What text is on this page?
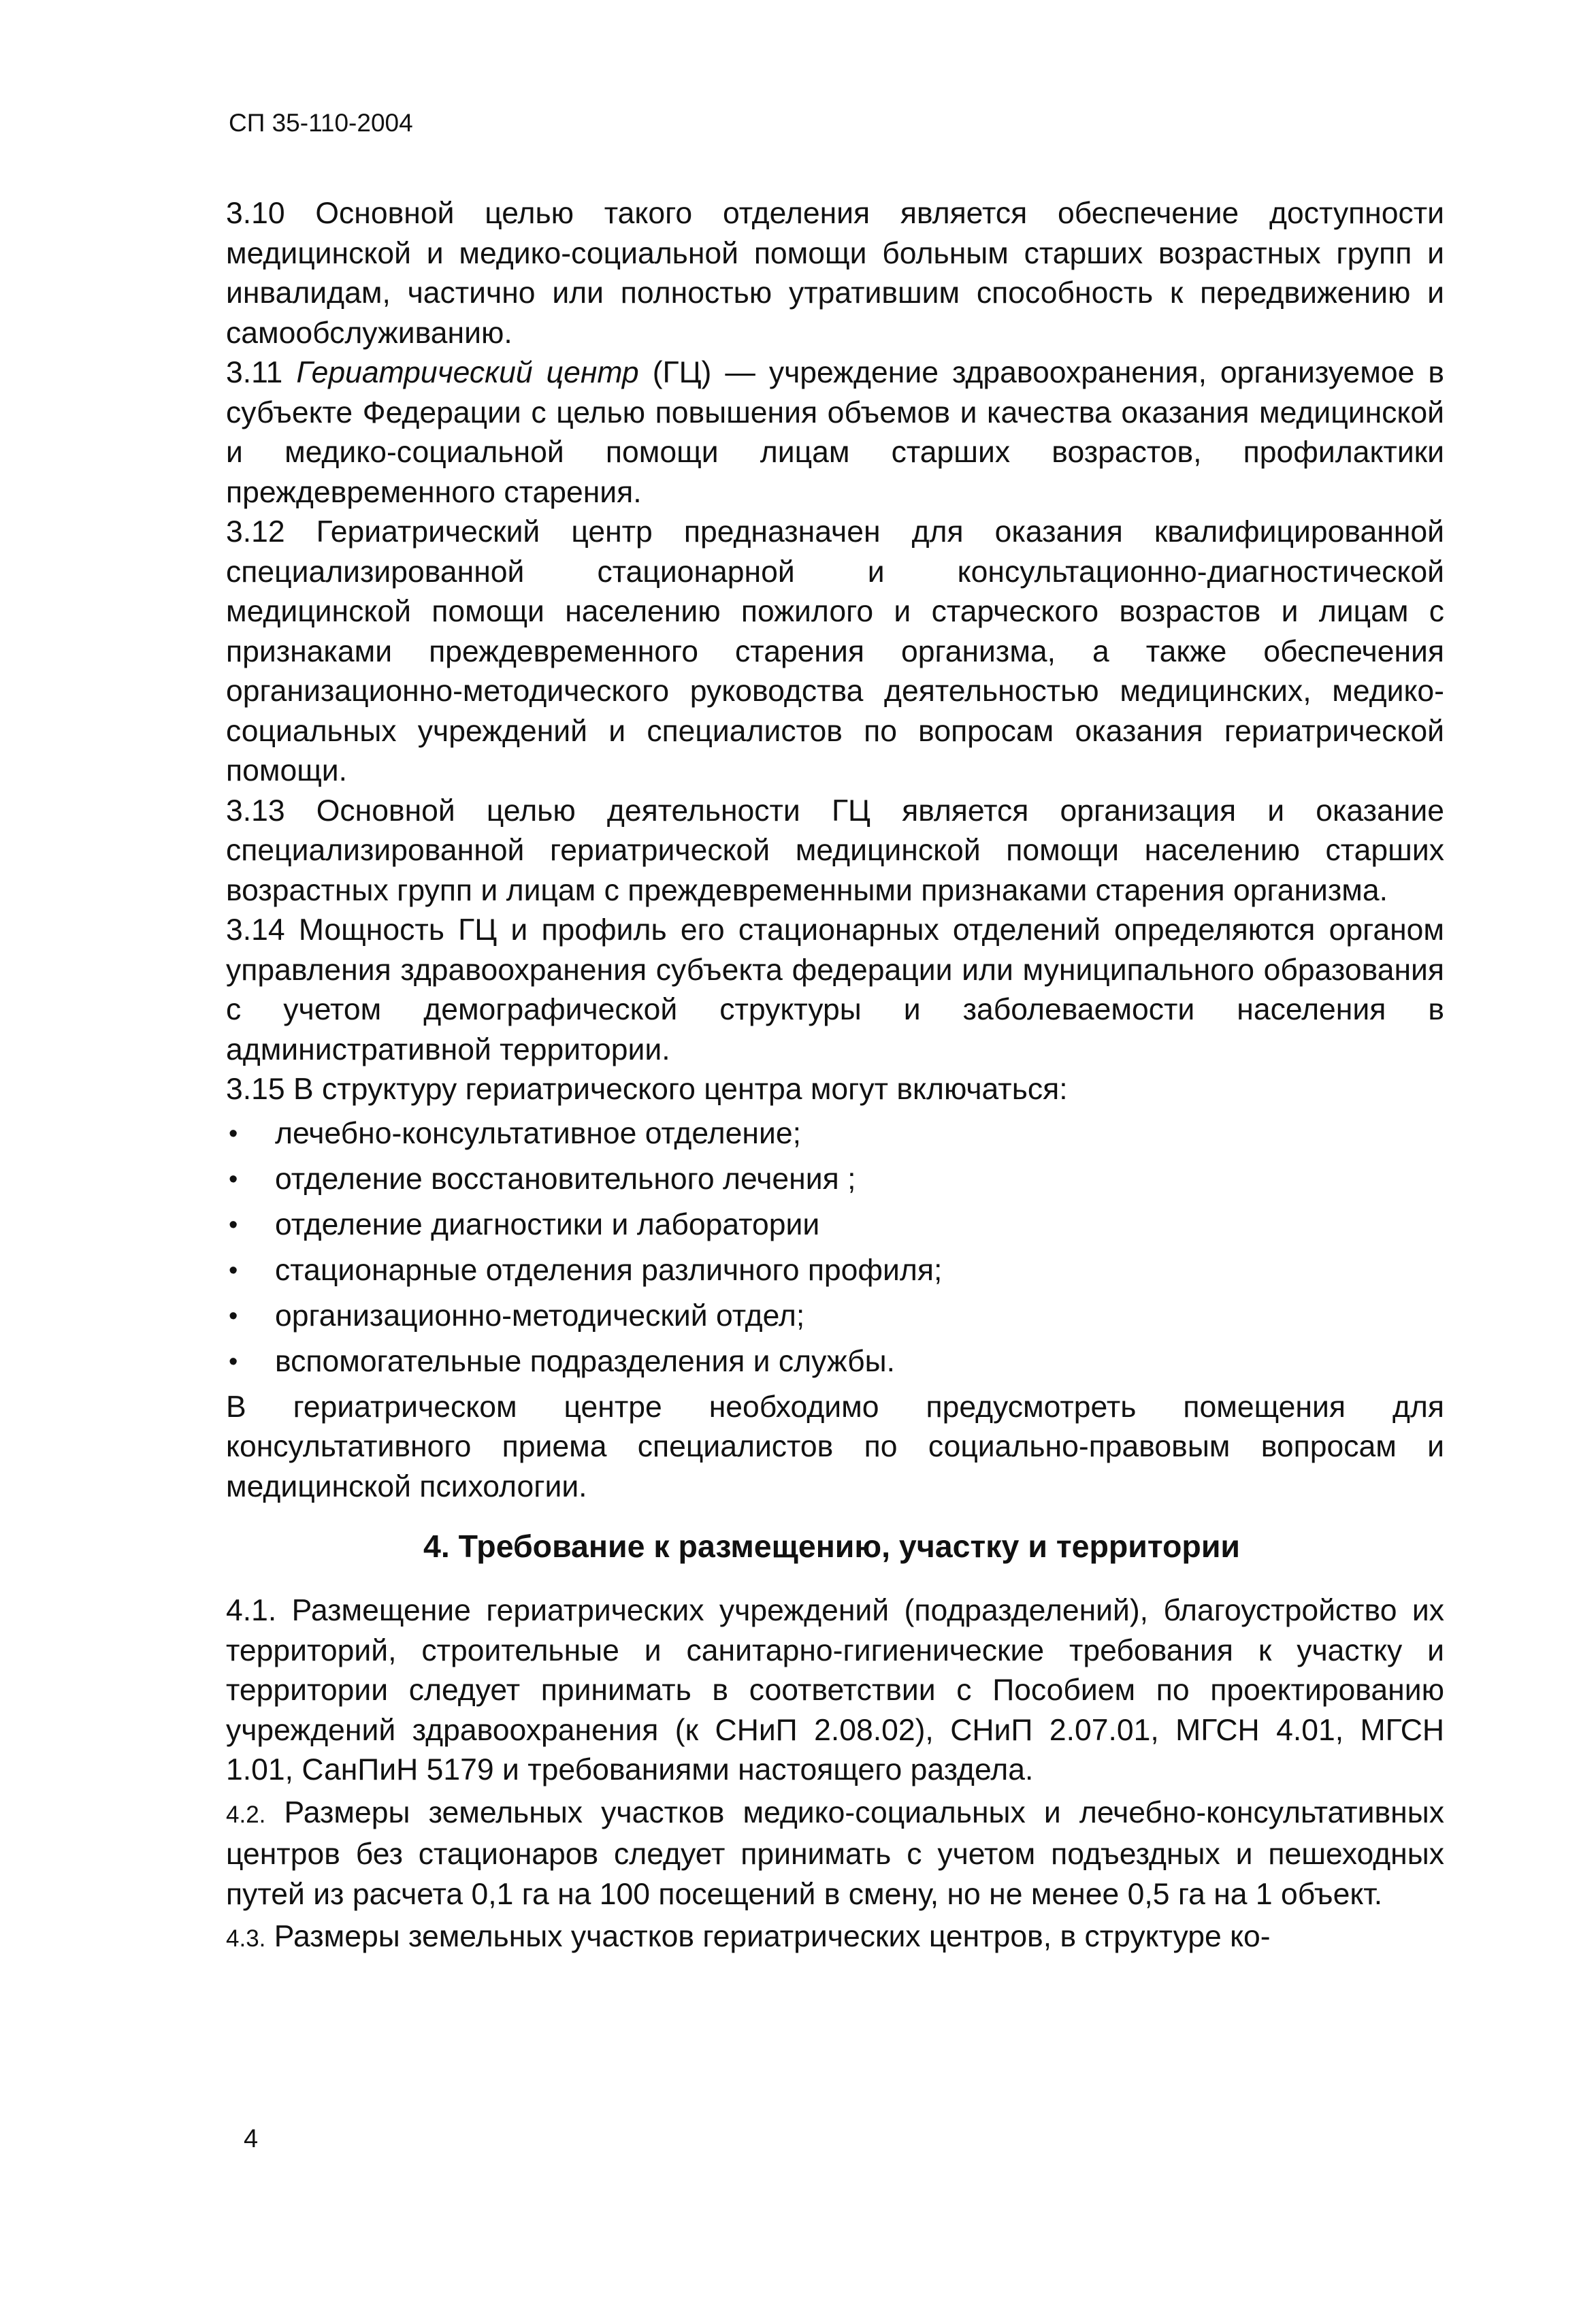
СП 35-110-2004

3.10 Основной целью такого отделения является обеспечение доступности медицинской и медико-социальной помощи больным старших возрастных групп и инвалидам, частично или полностью утратившим способность к передвижению и самообслуживанию.

3.11 Гериатрический центр (ГЦ) — учреждение здравоохранения, организуемое в субъекте Федерации с целью повышения объемов и качества оказания медицинской и медико-социальной помощи лицам старших возрастов, профилактики преждевременного старения.

3.12 Гериатрический центр предназначен для оказания квалифицированной специализированной стационарной и консультационно-диагностической медицинской помощи населению пожилого и старческого возрастов и лицам с признаками преждевременного старения организма, а также обеспечения организационно-методического руководства деятельностью медицинских, медико-социальных учреждений и специалистов по вопросам оказания гериатрической помощи.

3.13 Основной целью деятельности ГЦ является организация и оказание специализированной гериатрической медицинской помощи населению старших возрастных групп и лицам с преждевременными признаками старения организма.

3.14 Мощность ГЦ и профиль его стационарных отделений определяются органом управления здравоохранения субъекта федерации или муниципального образования с учетом демографической структуры и заболеваемости населения в административной территории.

3.15 В структуру гериатрического центра могут включаться:

• лечебно-консультативное отделение;
• отделение восстановительного лечения ;
• отделение диагностики и лаборатории
• стационарные отделения различного профиля;
• организационно-методический отдел;
• вспомогательные подразделения и службы.

В гериатрическом центре необходимо предусмотреть помещения для консультативного приема специалистов по социально-правовым вопросам и медицинской психологии.

4. Требование к размещению, участку и территории

4.1. Размещение гериатрических учреждений (подразделений), благоустройство их территорий, строительные и санитарно-гигиенические требования к участку и территории следует принимать в соответствии с Пособием по проектированию учреждений здравоохранения (к СНиП 2.08.02), СНиП 2.07.01, МГСН 4.01, МГСН 1.01, СанПиН 5179 и требованиями настоящего раздела.

4.2. Размеры земельных участков медико-социальных и лечебно-консультативных центров без стационаров следует принимать с учетом подъездных и пешеходных путей из расчета 0,1 га на 100 посещений в смену, но не менее 0,5 га на 1 объект.

4.3. Размеры земельных участков гериатрических центров, в структуре ко-

4
